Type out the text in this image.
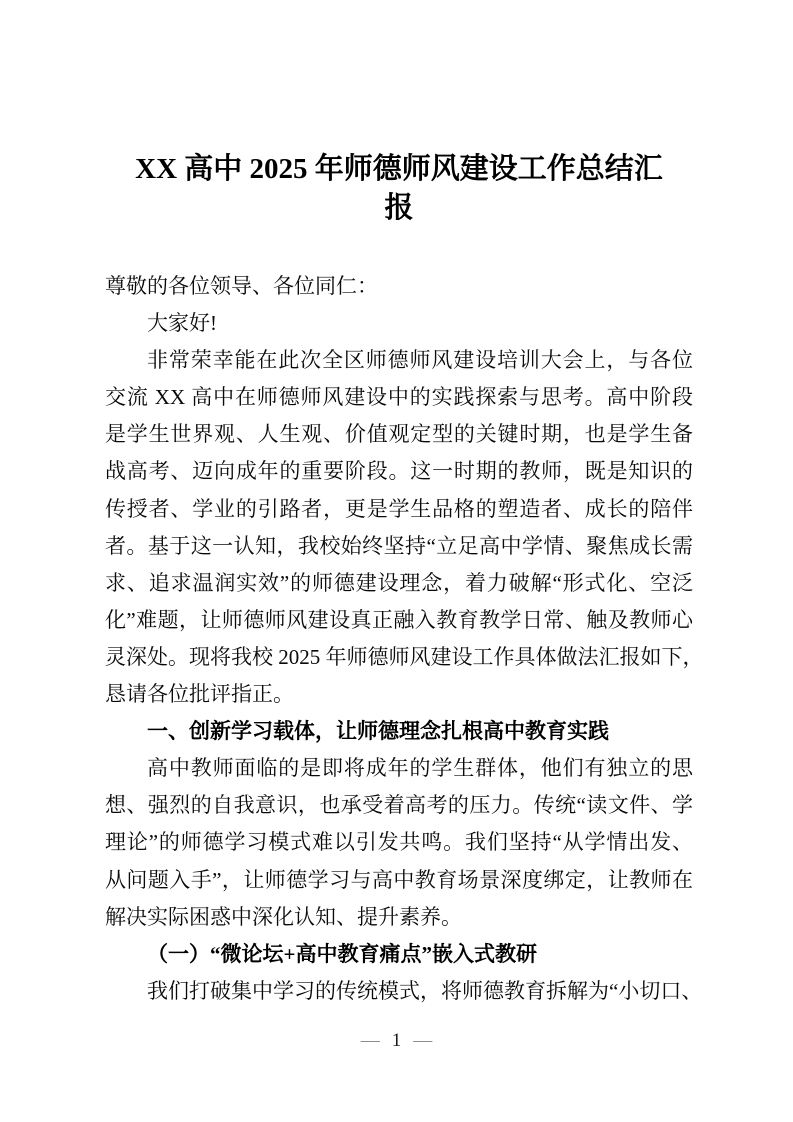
XX 高中 2025 年师德师风建设工作总结汇
报
尊敬的各位领导、各位同仁：
大家好!
非常荣幸能在此次全区师德师风建设培训大会上，与各位
交流 XX 高中在师德师风建设中的实践探索与思考。高中阶段
是学生世界观、人生观、价值观定型的关键时期，也是学生备
战高考、迈向成年的重要阶段。这一时期的教师，既是知识的
传授者、学业的引路者，更是学生品格的塑造者、成长的陪伴
者。基于这一认知，我校始终坚持“立足高中学情、聚焦成长需
求、追求温润实效”的师德建设理念，着力破解“形式化、空泛
化”难题，让师德师风建设真正融入教育教学日常、触及教师心
灵深处。现将我校 2025 年师德师风建设工作具体做法汇报如下，
恳请各位批评指正。
一、创新学习载体，让师德理念扎根高中教育实践
高中教师面临的是即将成年的学生群体，他们有独立的思
想、强烈的自我意识，也承受着高考的压力。传统“读文件、学
理论”的师德学习模式难以引发共鸣。我们坚持“从学情出发、
从问题入手”，让师德学习与高中教育场景深度绑定，让教师在
解决实际困惑中深化认知、提升素养。
（一）“微论坛+高中教育痛点”嵌入式教研
我们打破集中学习的传统模式，将师德教育拆解为“小切口、
— 1 —
